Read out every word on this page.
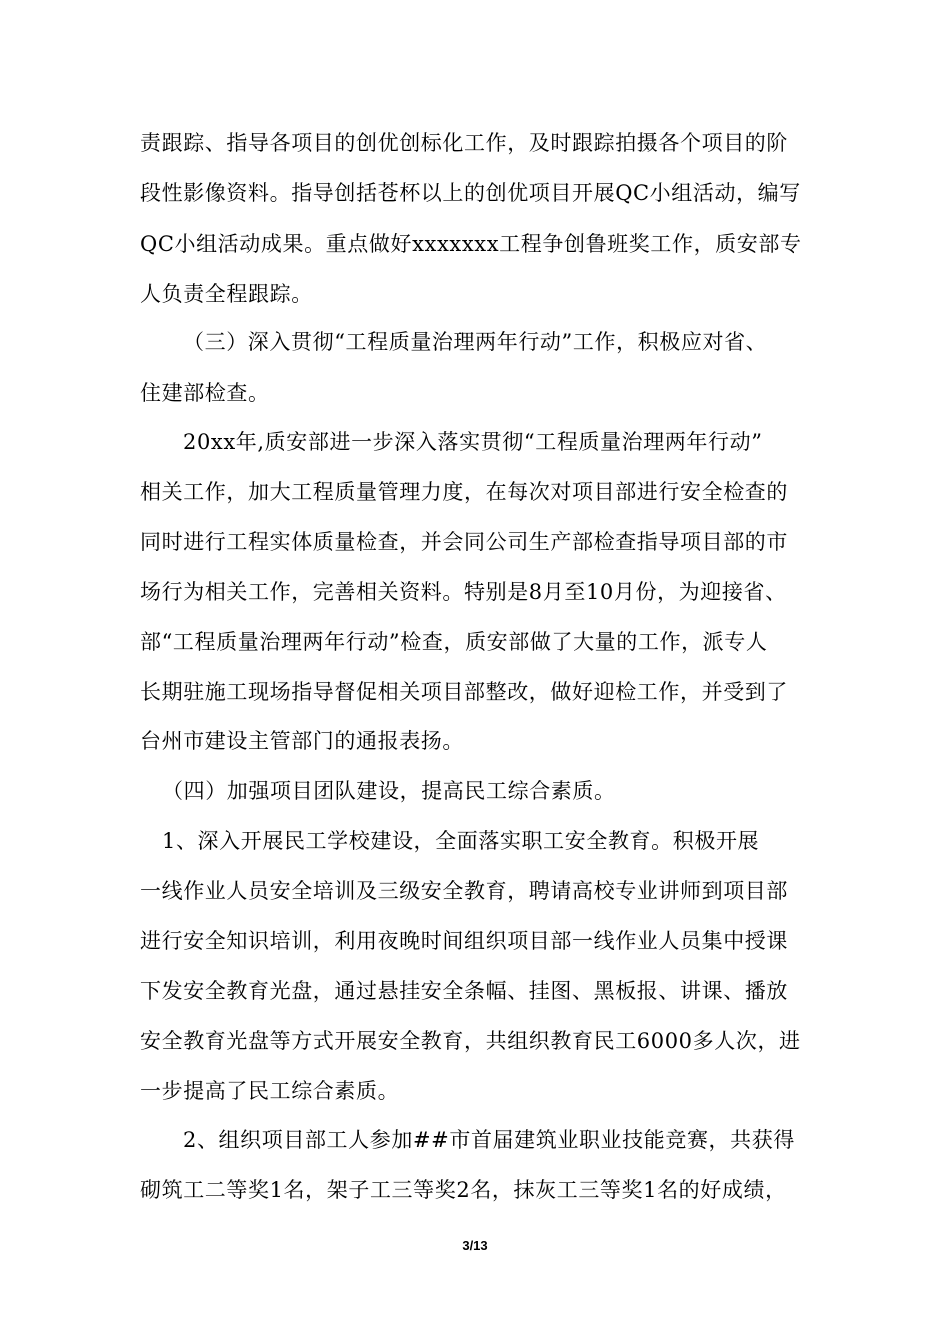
责跟踪、指导各项目的创优创标化工作，及时跟踪拍摄各个项目的阶
段性影像资料。指导创括苍杯以上的创优项目开展QC小组活动，编写
QC小组活动成果。重点做好xxxxxxx工程争创鲁班奖工作，质安部专
人负责全程跟踪。
（三）深入贯彻“工程质量治理两年行动”工作，积极应对省、
住建部检查。
20xx年,质安部进一步深入落实贯彻“工程质量治理两年行动”
相关工作，加大工程质量管理力度，在每次对项目部进行安全检查的
同时进行工程实体质量检查，并会同公司生产部检查指导项目部的市
场行为相关工作，完善相关资料。特别是8月至10月份，为迎接省、
部“工程质量治理两年行动”检查，质安部做了大量的工作，派专人
长期驻施工现场指导督促相关项目部整改，做好迎检工作，并受到了
台州市建设主管部门的通报表扬。
（四）加强项目团队建设，提高民工综合素质。
1、深入开展民工学校建设，全面落实职工安全教育。积极开展
一线作业人员安全培训及三级安全教育，聘请高校专业讲师到项目部
进行安全知识培训，利用夜晚时间组织项目部一线作业人员集中授课
下发安全教育光盘，通过悬挂安全条幅、挂图、黑板报、讲课、播放
安全教育光盘等方式开展安全教育，共组织教育民工6000多人次，进
一步提高了民工综合素质。
2、组织项目部工人参加##市首届建筑业职业技能竞赛，共获得
砌筑工二等奖1名，架子工三等奖2名，抹灰工三等奖1名的好成绩，
3/13
